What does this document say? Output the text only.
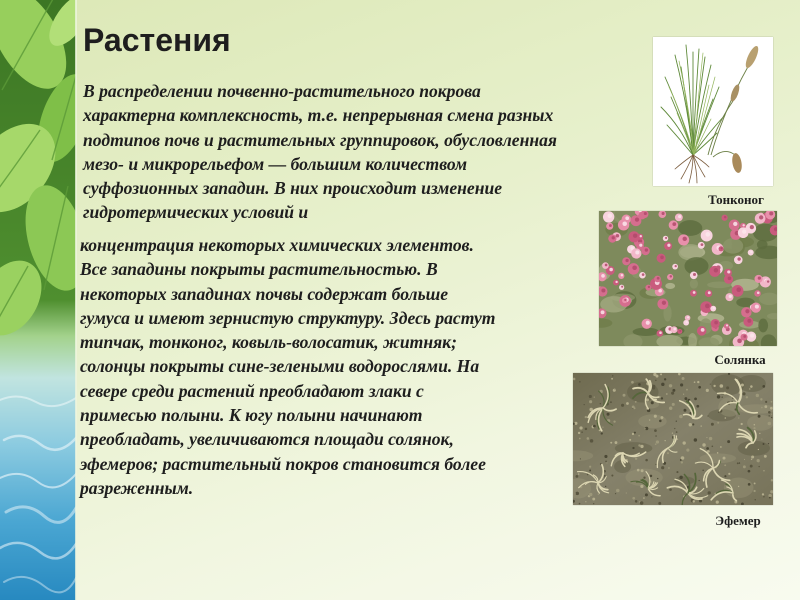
Растения
В распределении почвенно-растительного покрова
характерна комплексность, т.е. непрерывная смена разных
подтипов почв и растительных группировок, обусловленная
мезо- и микрорельефом — большим количеством
суффозионных западин. В них происходит изменение
гидротермических условий и
концентрация некоторых химических элементов.
Все западины покрыты растительностью. В
некоторых западинах почвы содержат больше
гумуса и имеют зернистую структуру. Здесь растут
типчак, тонконог, ковыль-волосатик, житняк;
солонцы покрыты сине-зелеными водорослями. На
севере среди растений преобладают злаки с
примесью полыни. К югу полыни начинают
преобладать, увеличиваются площади солянок,
эфемеров; растительный покров становится более
разреженным.
Тонконог
Солянка
Эфемер
